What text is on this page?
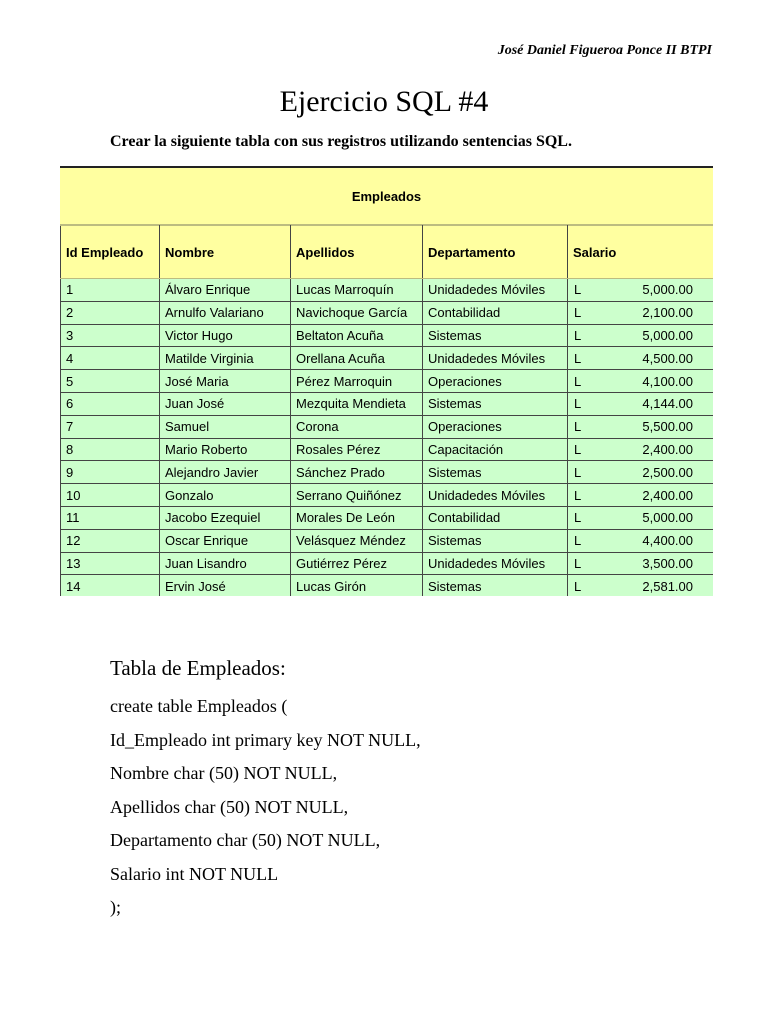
José Daniel Figueroa Ponce II BTPI
Ejercicio SQL #4
Crear la siguiente tabla con sus registros utilizando sentencias SQL.
Empleados
Id Empleado	Nombre	Apellidos	Departamento	Salario
1	Álvaro Enrique	Lucas Marroquín	Unidadedes Móviles	L 5,000.00
2	Arnulfo Valariano	Navichoque García	Contabilidad	L 2,100.00
3	Victor Hugo	Beltaton Acuña	Sistemas	L 5,000.00
4	Matilde Virginia	Orellana Acuña	Unidadedes Móviles	L 4,500.00
5	José Maria	Pérez Marroquin	Operaciones	L 4,100.00
6	Juan José	Mezquita Mendieta	Sistemas	L 4,144.00
7	Samuel	Corona	Operaciones	L 5,500.00
8	Mario Roberto	Rosales Pérez	Capacitación	L 2,400.00
9	Alejandro Javier	Sánchez Prado	Sistemas	L 2,500.00
10	Gonzalo	Serrano Quiñónez	Unidadedes Móviles	L 2,400.00
11	Jacobo Ezequiel	Morales De León	Contabilidad	L 5,000.00
12	Oscar Enrique	Velásquez Méndez	Sistemas	L 4,400.00
13	Juan Lisandro	Gutiérrez Pérez	Unidadedes Móviles	L 3,500.00
14	Ervin José	Lucas Girón	Sistemas	L 2,581.00
Tabla de Empleados:
create table Empleados (
Id_Empleado int primary key NOT NULL,
Nombre char (50) NOT NULL,
Apellidos char (50) NOT NULL,
Departamento char (50) NOT NULL,
Salario int NOT NULL
);
